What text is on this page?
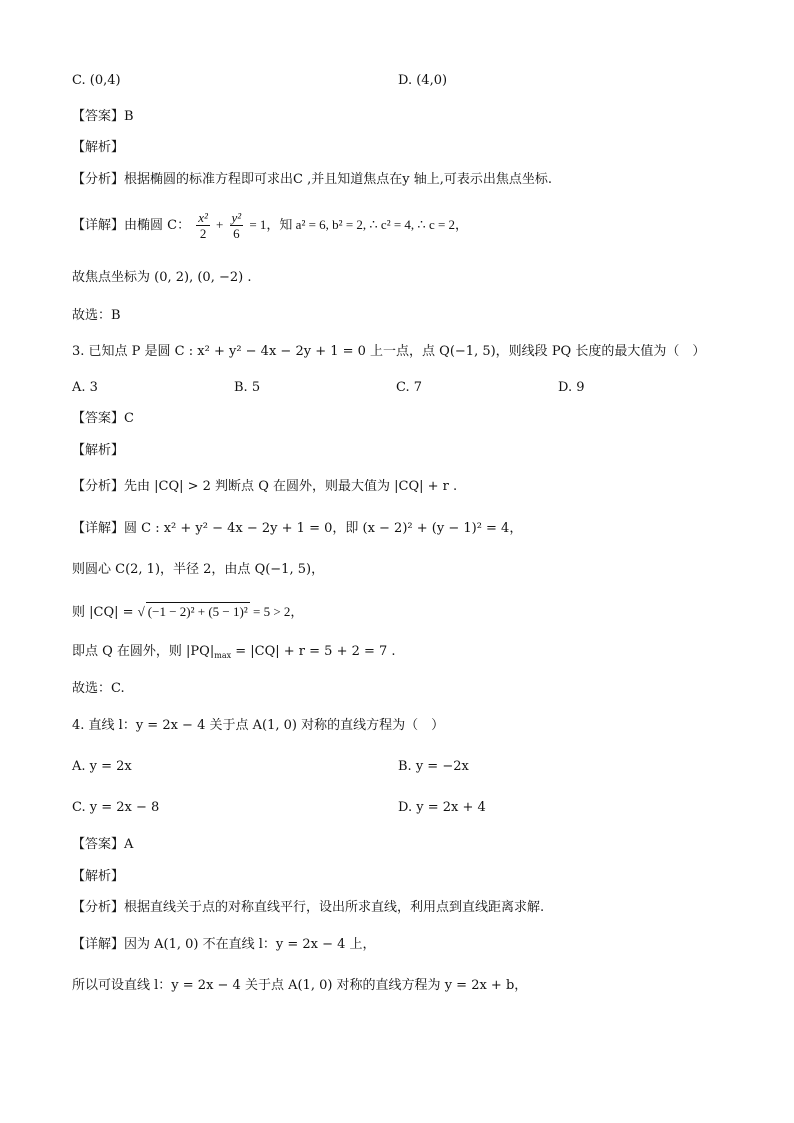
C. (0,4)	D. (4,0)
【答案】B
【解析】
【分析】根据椭圆的标准方程即可求出C ,并且知道焦点在y 轴上,可表示出焦点坐标.
【详解】由椭圆 C： $\frac{\text{x²}}{2} + \frac{\text{y²}}{6} = 1$，知 a² = 6, b² = 2, ∴ c² = 4, ∴ c = 2，
故焦点坐标为 (0, 2), (0, −2) .
故选：B
3. 已知点 P 是圆 C : x² + y² − 4x − 2y + 1 = 0 上一点，点 Q(−1, 5)，则线段 PQ 长度的最大值为（　）
A. 3	B. 5	C. 7	D. 9
【答案】C
【解析】
【分析】先由 |CQ| > 2 判断点 Q 在圆外，则最大值为 |CQ| + r .
【详解】圆 C : x² + y² − 4x − 2y + 1 = 0，即 (x − 2)² + (y − 1)² = 4，
则圆心 C(2, 1)，半径 2，由点 Q(−1, 5)，
则 |CQ| = √ (−1 − 2)² + (5 − 1)² = 5 > 2，
即点 Q 在圆外，则 $|PQ|_{max} = |CQ| + r = 5 + 2 = 7$ .
故选：C.
4. 直线 l：y = 2x − 4 关于点 A(1, 0) 对称的直线方程为（　）
A. y = 2x	B. y = −2x
C. y = 2x − 8	D. y = 2x + 4
【答案】A
【解析】
【分析】根据直线关于点的对称直线平行，设出所求直线，利用点到直线距离求解.
【详解】因为 A(1, 0) 不在直线 l：y = 2x − 4 上，
所以可设直线 l：y = 2x − 4 关于点 A(1, 0) 对称的直线方程为 y = 2x + b，
